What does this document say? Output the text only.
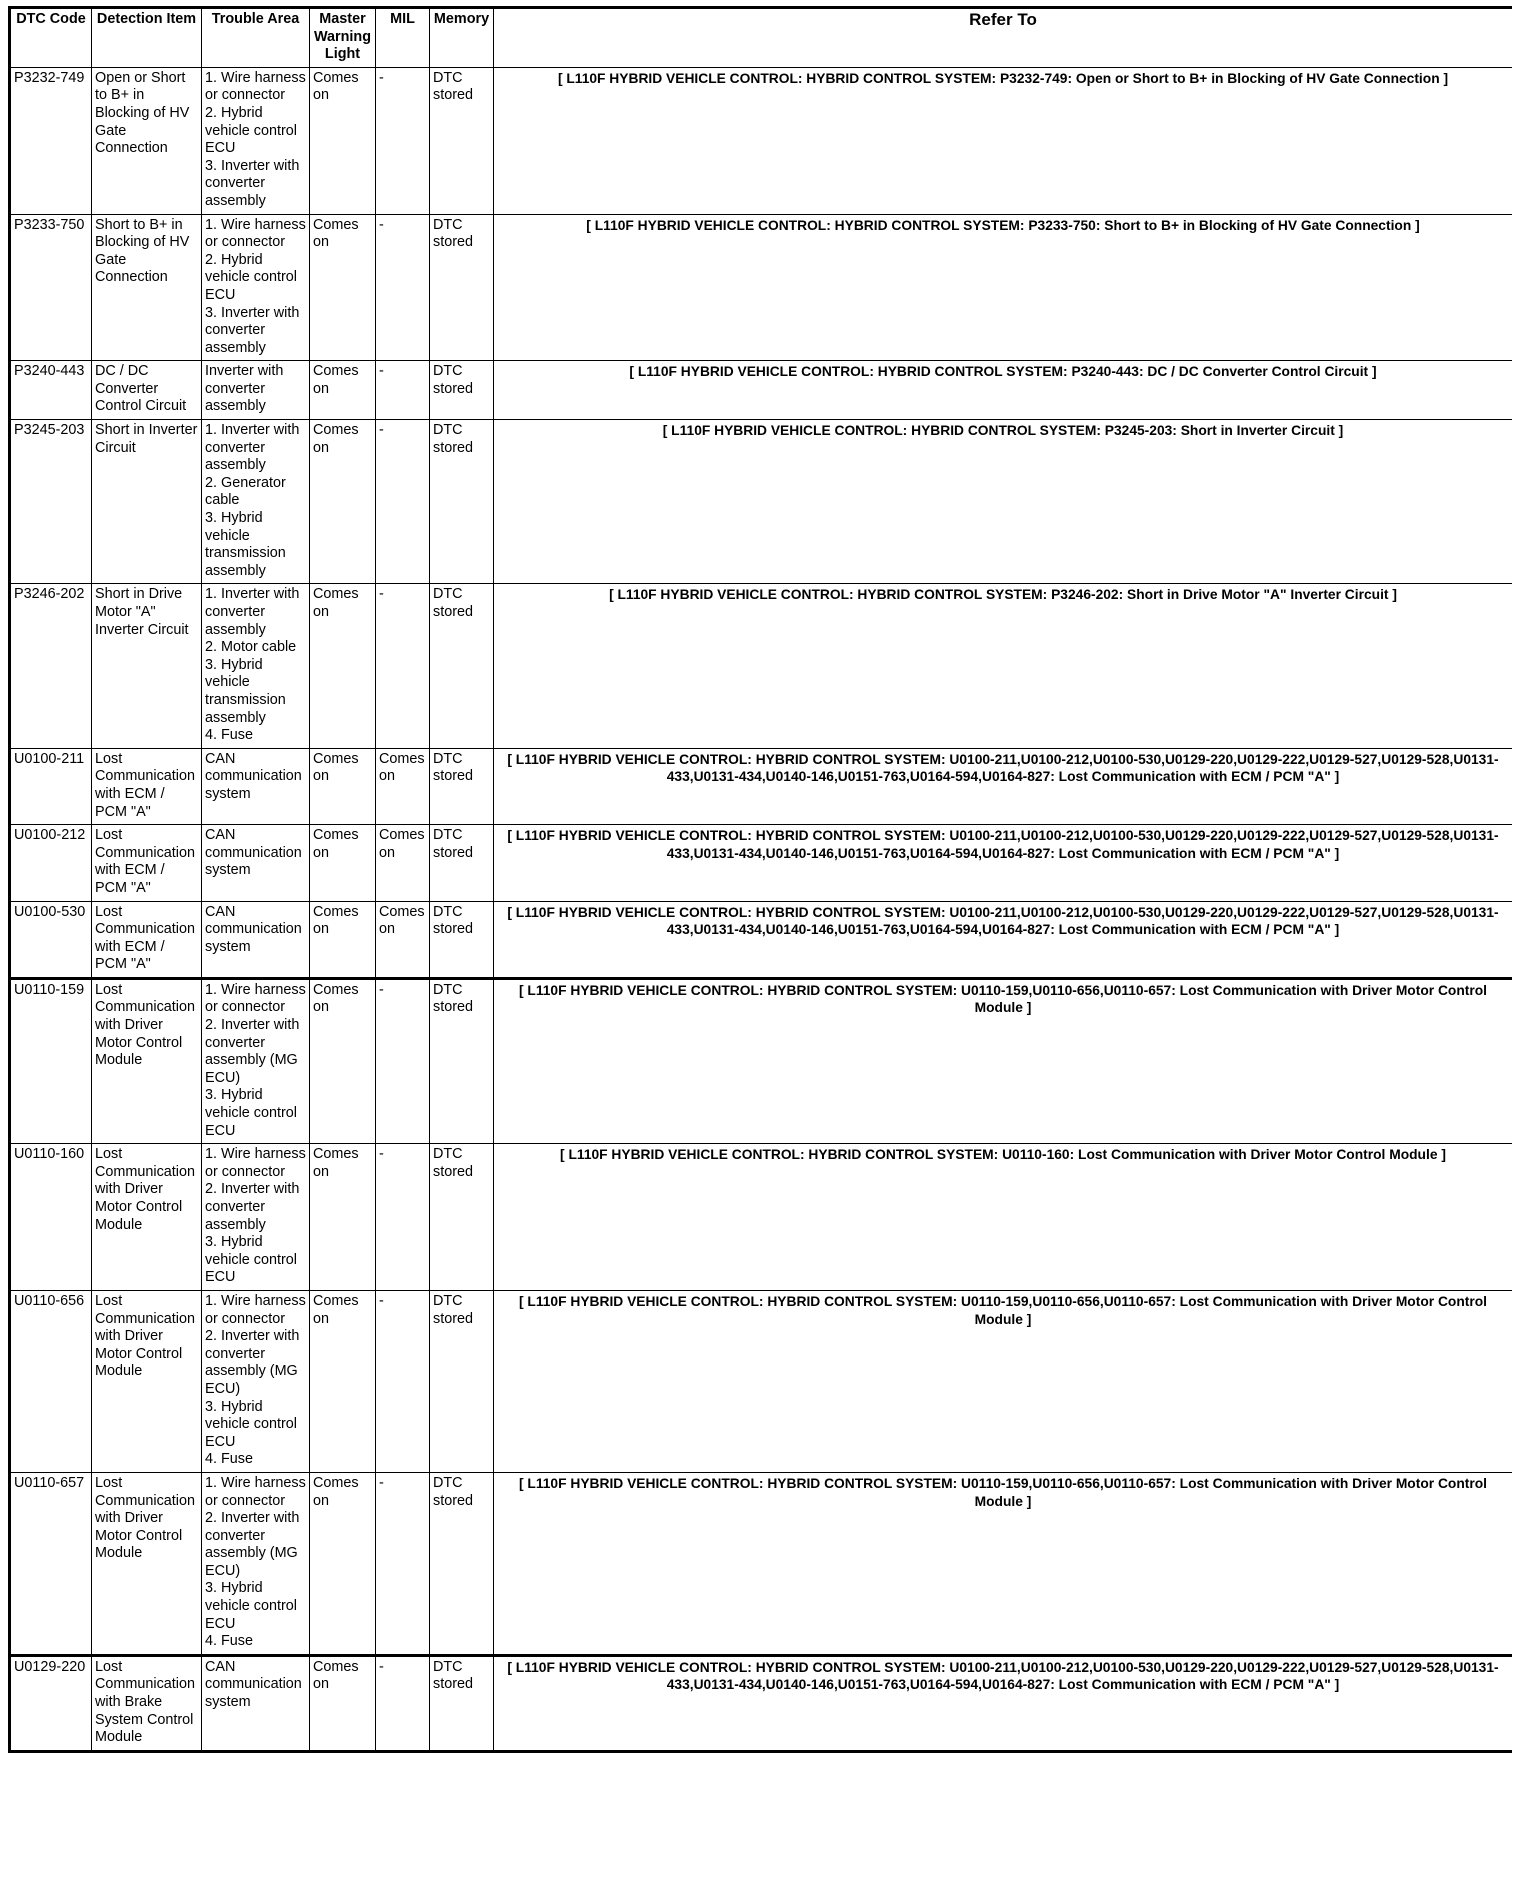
DTC Code	Detection Item	Trouble Area	Master Warning Light	MIL	Memory	Refer To
P3232-749	Open or Short to B+ in Blocking of HV Gate Connection	1. Wire harness or connector
2. Hybrid vehicle control ECU
3. Inverter with converter assembly	Comes on	-	DTC stored	[ L110F HYBRID VEHICLE CONTROL: HYBRID CONTROL SYSTEM: P3232-749: Open or Short to B+ in Blocking of HV Gate Connection ]
P3233-750	Short to B+ in Blocking of HV Gate Connection	1. Wire harness or connector
2. Hybrid vehicle control ECU
3. Inverter with converter assembly	Comes on	-	DTC stored	[ L110F HYBRID VEHICLE CONTROL: HYBRID CONTROL SYSTEM: P3233-750: Short to B+ in Blocking of HV Gate Connection ]
P3240-443	DC / DC Converter Control Circuit	Inverter with converter assembly	Comes on	-	DTC stored	[ L110F HYBRID VEHICLE CONTROL: HYBRID CONTROL SYSTEM: P3240-443: DC / DC Converter Control Circuit ]
P3245-203	Short in Inverter Circuit	1. Inverter with converter assembly
2. Generator cable
3. Hybrid vehicle transmission assembly	Comes on	-	DTC stored	[ L110F HYBRID VEHICLE CONTROL: HYBRID CONTROL SYSTEM: P3245-203: Short in Inverter Circuit ]
P3246-202	Short in Drive Motor "A" Inverter Circuit	1. Inverter with converter assembly
2. Motor cable
3. Hybrid vehicle transmission assembly
4. Fuse	Comes on	-	DTC stored	[ L110F HYBRID VEHICLE CONTROL: HYBRID CONTROL SYSTEM: P3246-202: Short in Drive Motor "A" Inverter Circuit ]
U0100-211	Lost Communication with ECM / PCM "A"	CAN communication system	Comes on	Comes on	DTC stored	[ L110F HYBRID VEHICLE CONTROL: HYBRID CONTROL SYSTEM: U0100-211,U0100-212,U0100-530,U0129-220,U0129-222,U0129-527,U0129-528,U0131-433,U0131-434,U0140-146,U0151-763,U0164-594,U0164-827: Lost Communication with ECM / PCM "A" ]
U0100-212	Lost Communication with ECM / PCM "A"	CAN communication system	Comes on	Comes on	DTC stored	[ L110F HYBRID VEHICLE CONTROL: HYBRID CONTROL SYSTEM: U0100-211,U0100-212,U0100-530,U0129-220,U0129-222,U0129-527,U0129-528,U0131-433,U0131-434,U0140-146,U0151-763,U0164-594,U0164-827: Lost Communication with ECM / PCM "A" ]
U0100-530	Lost Communication with ECM / PCM "A"	CAN communication system	Comes on	Comes on	DTC stored	[ L110F HYBRID VEHICLE CONTROL: HYBRID CONTROL SYSTEM: U0100-211,U0100-212,U0100-530,U0129-220,U0129-222,U0129-527,U0129-528,U0131-433,U0131-434,U0140-146,U0151-763,U0164-594,U0164-827: Lost Communication with ECM / PCM "A" ]
U0110-159	Lost Communication with Driver Motor Control Module	1. Wire harness or connector
2. Inverter with converter assembly (MG ECU)
3. Hybrid vehicle control ECU	Comes on	-	DTC stored	[ L110F HYBRID VEHICLE CONTROL: HYBRID CONTROL SYSTEM: U0110-159,U0110-656,U0110-657: Lost Communication with Driver Motor Control Module ]
U0110-160	Lost Communication with Driver Motor Control Module	1. Wire harness or connector
2. Inverter with converter assembly
3. Hybrid vehicle control ECU	Comes on	-	DTC stored	[ L110F HYBRID VEHICLE CONTROL: HYBRID CONTROL SYSTEM: U0110-160: Lost Communication with Driver Motor Control Module ]
U0110-656	Lost Communication with Driver Motor Control Module	1. Wire harness or connector
2. Inverter with converter assembly (MG ECU)
3. Hybrid vehicle control ECU
4. Fuse	Comes on	-	DTC stored	[ L110F HYBRID VEHICLE CONTROL: HYBRID CONTROL SYSTEM: U0110-159,U0110-656,U0110-657: Lost Communication with Driver Motor Control Module ]
U0110-657	Lost Communication with Driver Motor Control Module	1. Wire harness or connector
2. Inverter with converter assembly (MG ECU)
3. Hybrid vehicle control ECU
4. Fuse	Comes on	-	DTC stored	[ L110F HYBRID VEHICLE CONTROL: HYBRID CONTROL SYSTEM: U0110-159,U0110-656,U0110-657: Lost Communication with Driver Motor Control Module ]
U0129-220	Lost Communication with Brake System Control Module	CAN communication system	Comes on	-	DTC stored	[ L110F HYBRID VEHICLE CONTROL: HYBRID CONTROL SYSTEM: U0100-211,U0100-212,U0100-530,U0129-220,U0129-222,U0129-527,U0129-528,U0131-433,U0131-434,U0140-146,U0151-763,U0164-594,U0164-827: Lost Communication with ECM / PCM "A" ]
